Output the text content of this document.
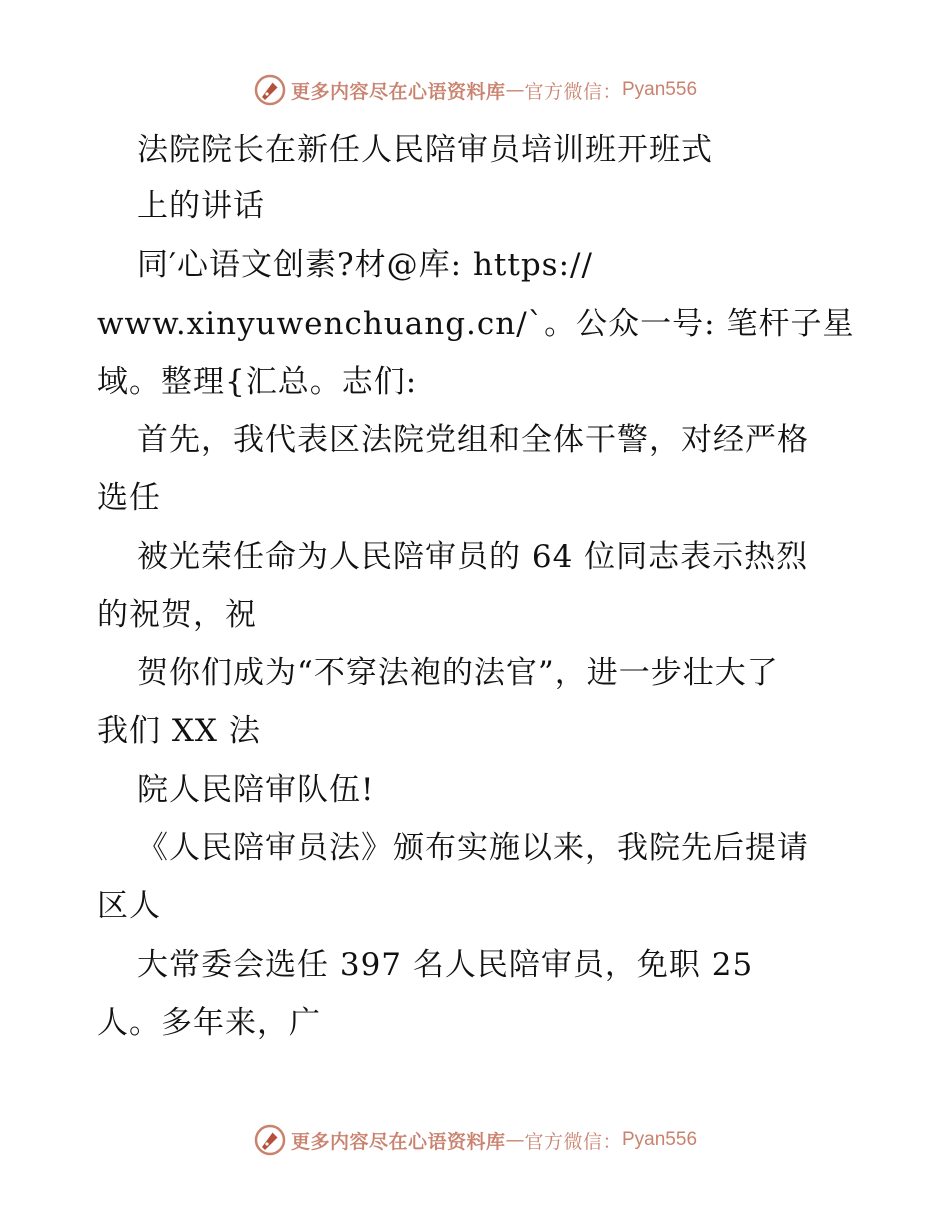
更多内容尽在心语资料库 — 官方微信： Pyan556
法院院长在新任人民陪审员培训班开班式
上的讲话
同′心语文创素?材@库: https://
www.xinyuwenchuang.cn/`。公众一号: 笔杆子星
域。整理{汇总。志们:
首先，我代表区法院党组和全体干警，对经严格
选任
被光荣任命为人民陪审员的 64 位同志表示热烈
的祝贺，祝
贺你们成为“不穿法袍的法官”，进一步壮大了
我们 XX 法
院人民陪审队伍!
《人民陪审员法》颁布实施以来，我院先后提请
区人
大常委会选任 397 名人民陪审员，免职 25
人。多年来，广
更多内容尽在心语资料库 — 官方微信： Pyan556
